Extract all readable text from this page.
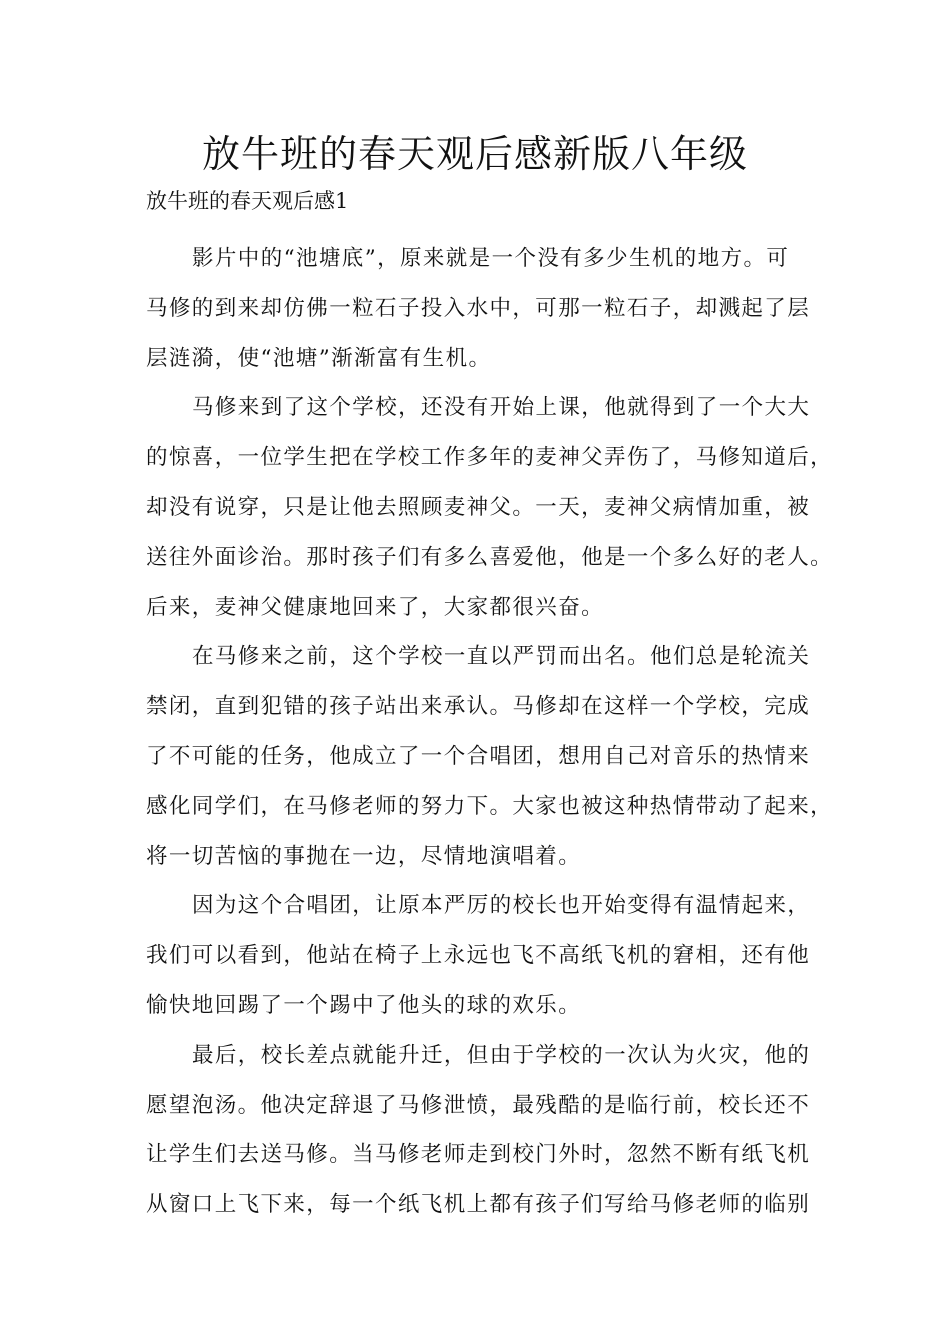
放牛班的春天观后感新版八年级

放牛班的春天观后感1

影片中的“池塘底”，原来就是一个没有多少生机的地方。可
马修的到来却仿佛一粒石子投入水中，可那一粒石子，却溅起了层
层涟漪，使“池塘”渐渐富有生机。
马修来到了这个学校，还没有开始上课，他就得到了一个大大
的惊喜，一位学生把在学校工作多年的麦神父弄伤了，马修知道后，
却没有说穿，只是让他去照顾麦神父。一天，麦神父病情加重，被
送往外面诊治。那时孩子们有多么喜爱他，他是一个多么好的老人。
后来，麦神父健康地回来了，大家都很兴奋。
在马修来之前，这个学校一直以严罚而出名。他们总是轮流关
禁闭，直到犯错的孩子站出来承认。马修却在这样一个学校，完成
了不可能的任务，他成立了一个合唱团，想用自己对音乐的热情来
感化同学们，在马修老师的努力下。大家也被这种热情带动了起来，
将一切苦恼的事抛在一边，尽情地演唱着。
因为这个合唱团，让原本严厉的校长也开始变得有温情起来，
我们可以看到，他站在椅子上永远也飞不高纸飞机的窘相，还有他
愉快地回踢了一个踢中了他头的球的欢乐。
最后，校长差点就能升迁，但由于学校的一次认为火灾，他的
愿望泡汤。他决定辞退了马修泄愤，最残酷的是临行前，校长还不
让学生们去送马修。当马修老师走到校门外时，忽然不断有纸飞机
从窗口上飞下来，每一个纸飞机上都有孩子们写给马修老师的临别
